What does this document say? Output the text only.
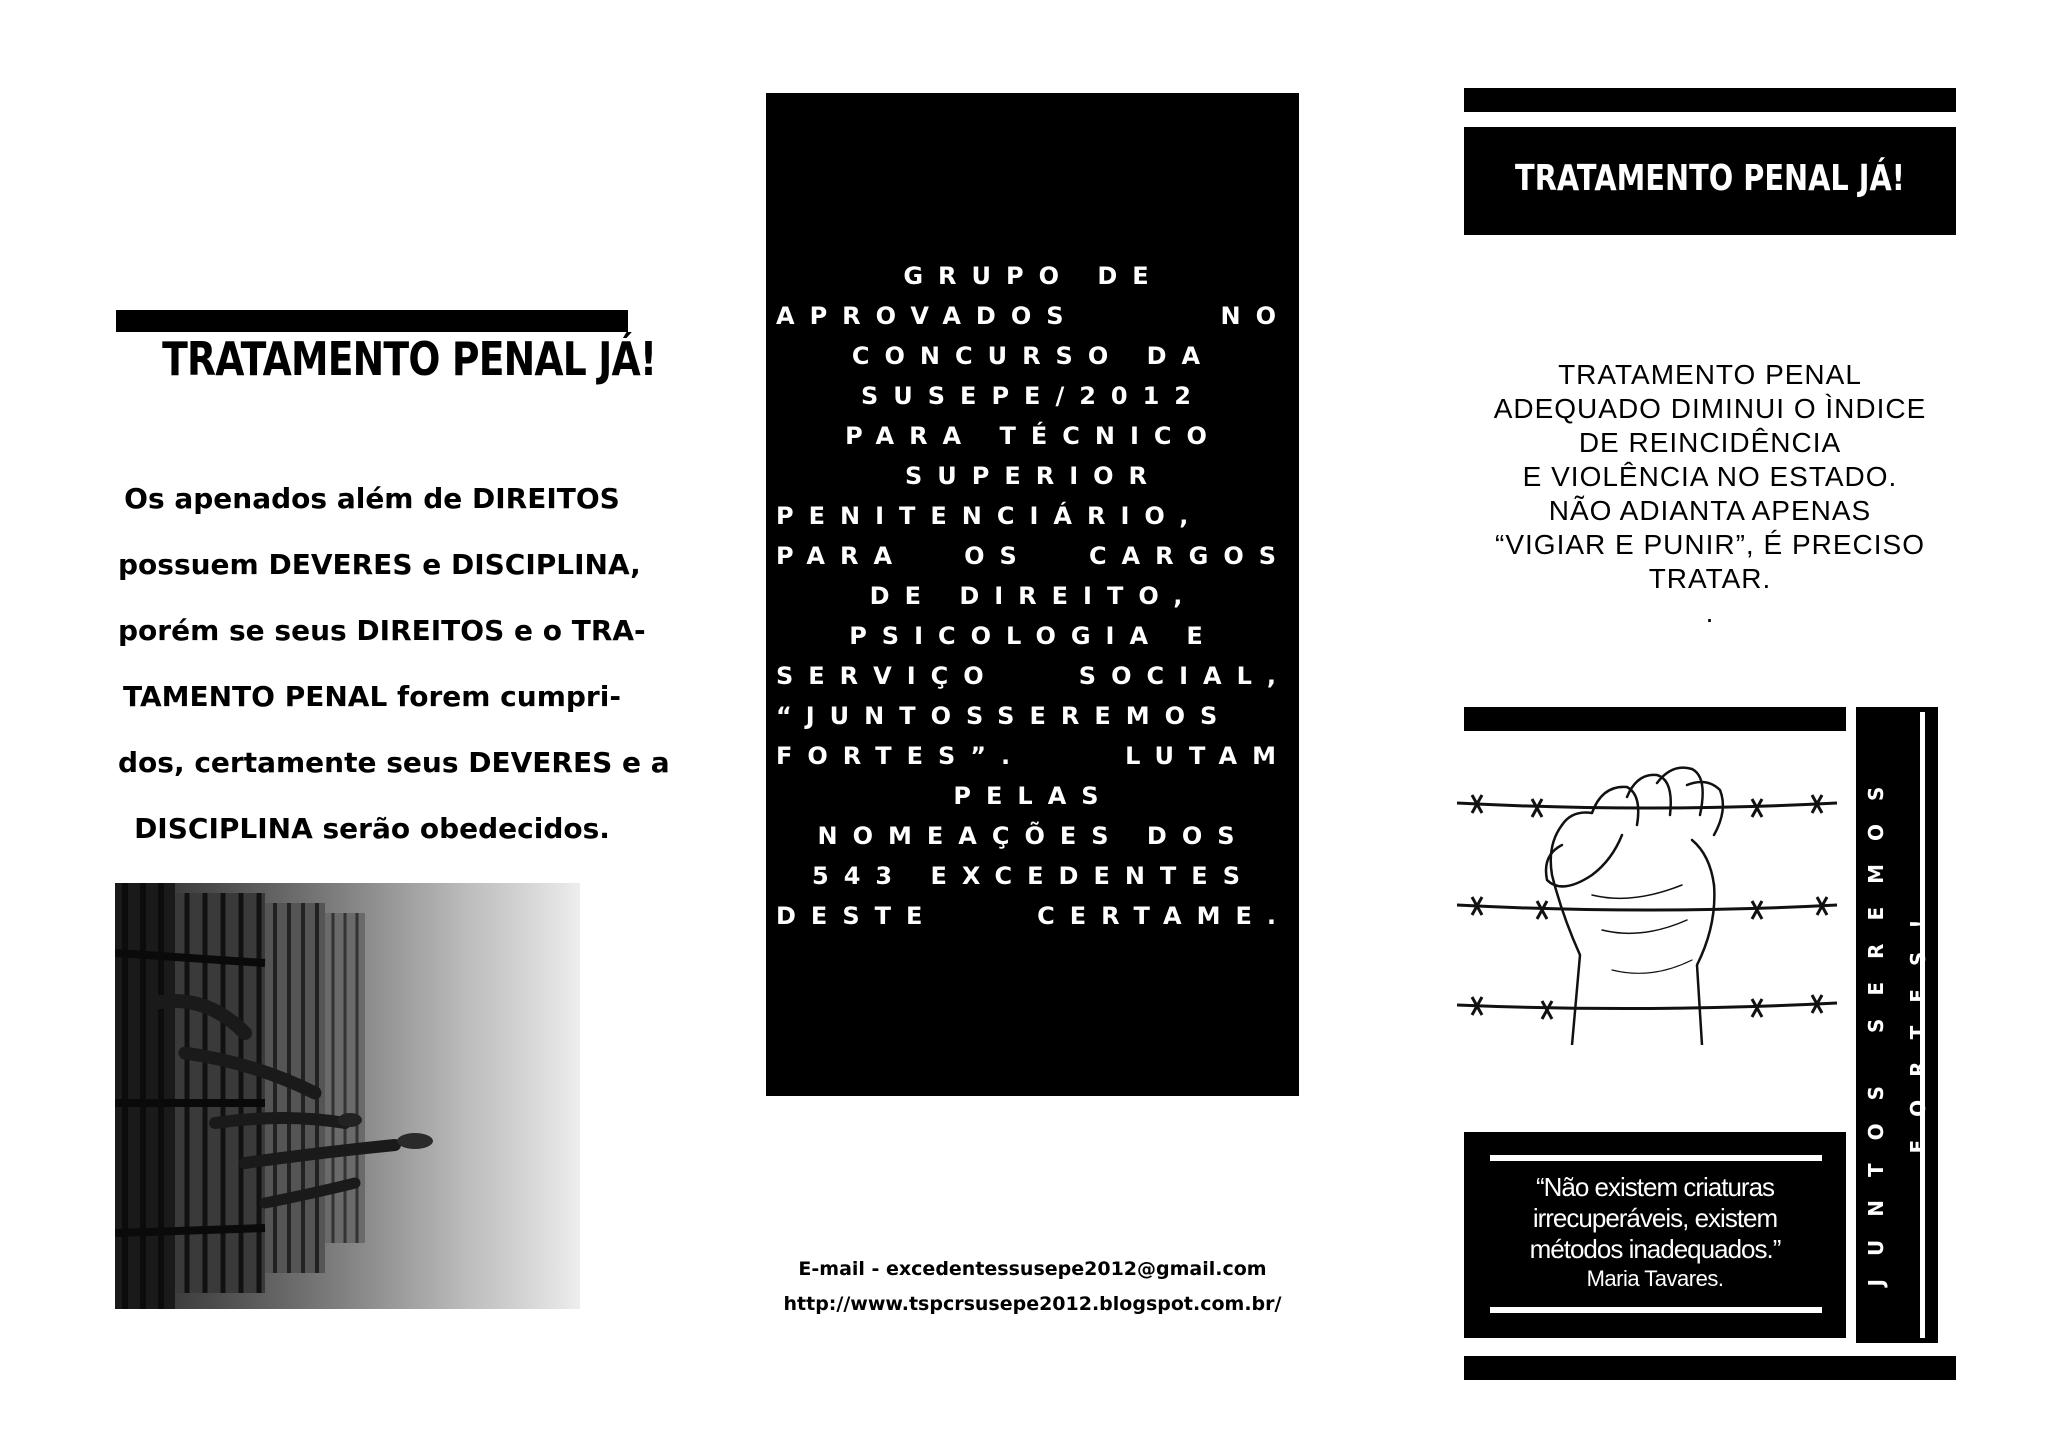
TRATAMENTO PENAL JÁ!
Os apenados além de DIREITOS
possuem DEVERES e DISCIPLINA,
porém se seus DIREITOS e o TRA-
TAMENTO PENAL forem cumpri-
dos, certamente seus DEVERES e a
DISCIPLINA serão obedecidos.
GRUPO DE
APROVADOS NO
CONCURSO DA
SUSEPE/2012
PARA TÉCNICO
SUPERIOR
PENITENCIÁRIO,
PARA OS CARGOS
DE DIREITO,
PSICOLOGIA E
SERVIÇO SOCIAL,
“JUNTOSSEREMOS
FORTES”. LUTAM
PELAS
NOMEAÇÕES DOS
543 EXCEDENTES
DESTE CERTAME.
E-mail - excedentessusepe2012@gmail.com
http://www.tspcrsusepe2012.blogspot.com.br/
TRATAMENTO PENAL JÁ!
TRATAMENTO PENAL
ADEQUADO DIMINUI O ÌNDICE
DE REINCIDÊNCIA
E VIOLÊNCIA NO ESTADO.
NÃO ADIANTA APENAS
“VIGIAR E PUNIR”, É PRECISO
TRATAR.
.
“Não existem criaturas
irrecuperáveis, existem
métodos inadequados.”
Maria Tavares.	JUNTOS SEREMOS FORTES!
